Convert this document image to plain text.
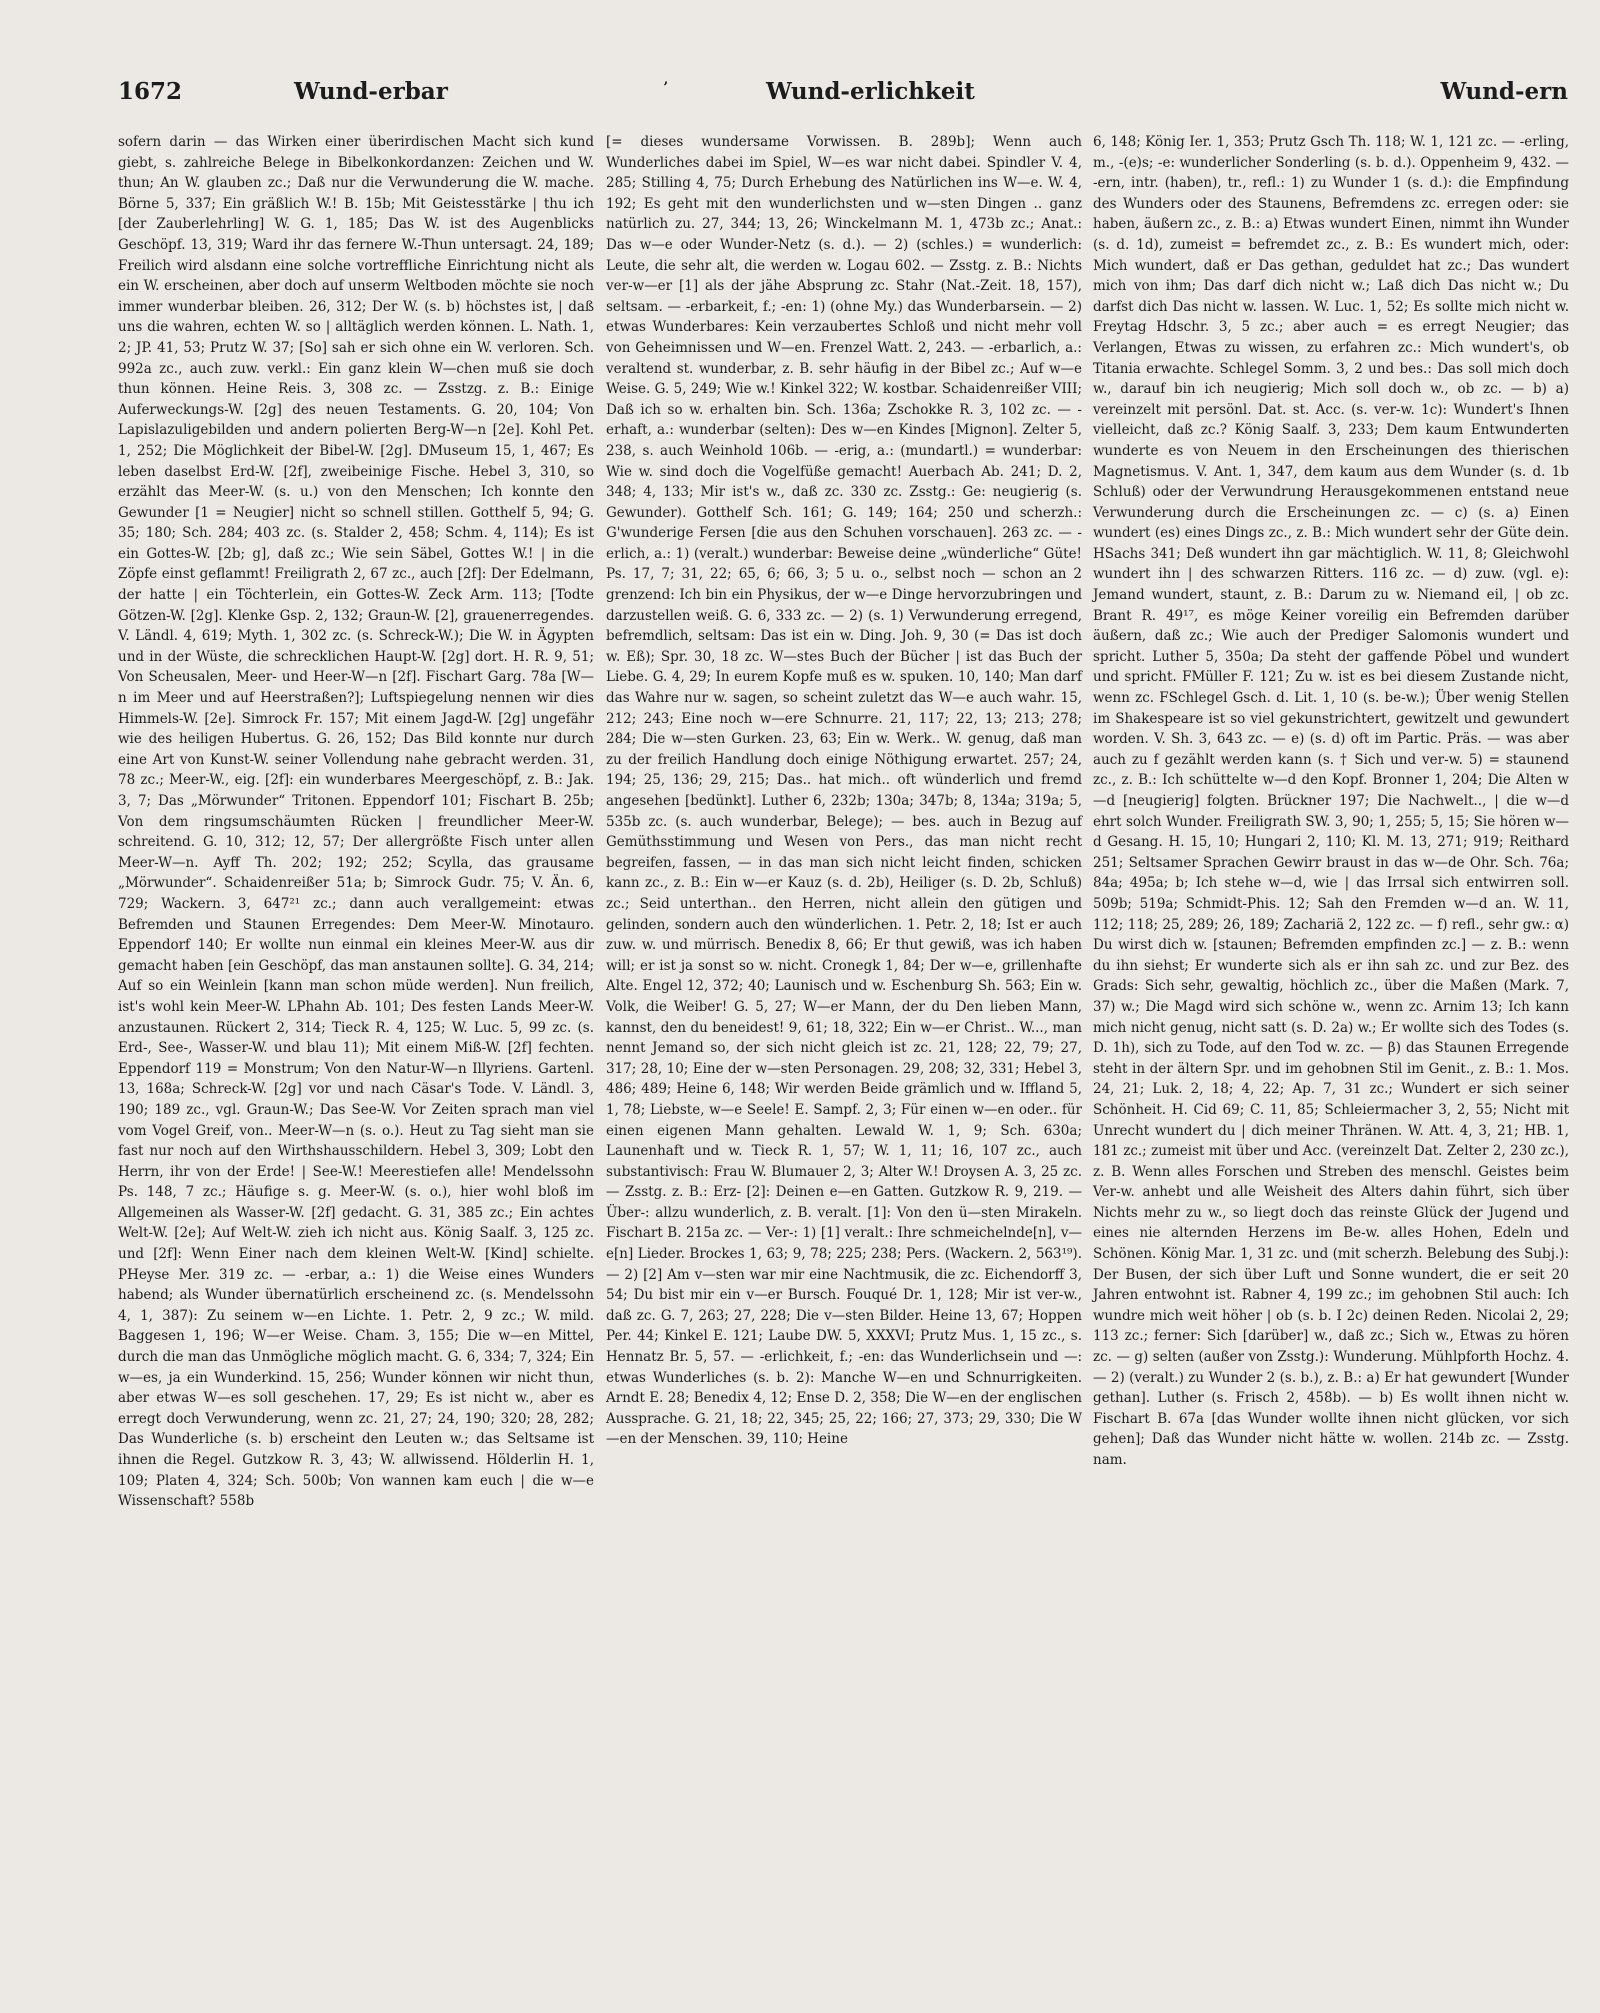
1672	Wund-erbar	ʼ	Wund-erlichkeit	Wund-ern

sofern darin — das Wirken einer überirdischen Macht sich kund giebt, s. zahlreiche Belege in Bibelkonkordanzen: Zeichen und W. thun; An W. glauben zc.; Daß nur die Verwunderung die W. mache. Börne 5, 337; Ein gräßlich W.! B. 15b; Mit Geistesstärke | thu ich [der Zauberlehrling] W. G. 1, 185; Das W. ist des Augenblicks Geschöpf. 13, 319; Ward ihr das fernere W.-Thun untersagt. 24, 189; Freilich wird alsdann eine solche vortreffliche Einrichtung nicht als ein W. erscheinen, aber doch auf unserm Weltboden möchte sie noch immer wunderbar bleiben. 26, 312; Der W. (s. b) höchstes ist, | daß uns die wahren, echten W. so | alltäglich werden können. L. Nath. 1, 2; JP. 41, 53; Prutz W. 37; [So] sah er sich ohne ein W. verloren. Sch. 992a zc., auch zuw. verkl.: Ein ganz klein W—chen muß sie doch thun können. Heine Reis. 3, 308 zc. — Zsstzg. z. B.: Einige Auferweckungs-W. [2g] des neuen Testaments. G. 20, 104; Von Lapislazuligebilden und andern polierten Berg-W—n [2e]. Kohl Pet. 1, 252; Die Möglichkeit der Bibel-W. [2g]. DMuseum 15, 1, 467; Es leben daselbst Erd-W. [2f], zweibeinige Fische. Hebel 3, 310, so erzählt das Meer-W. (s. u.) von den Menschen; Ich konnte den Gewunder [1 = Neugier] nicht so schnell stillen. Gotthelf 5, 94; G. 35; 180; Sch. 284; 403 zc. (s. Stalder 2, 458; Schm. 4, 114); Es ist ein Gottes-W. [2b; g], daß zc.; Wie sein Säbel, Gottes W.! | in die Zöpfe einst geflammt! Freiligrath 2, 67 zc., auch [2f]: Der Edelmann, der hatte | ein Töchterlein, ein Gottes-W. Zeck Arm. 113; [Todte Götzen-W. [2g]. Klenke Gsp. 2, 132; Graun-W. [2], grauenerregendes. V. Ländl. 4, 619; Myth. 1, 302 zc. (s. Schreck-W.); Die W. in Ägypten und in der Wüste, die schrecklichen Haupt-W. [2g] dort. H. R. 9, 51; Von Scheusalen, Meer- und Heer-W—n [2f]. Fischart Garg. 78a [W—n im Meer und auf Heerstraßen?]; Luftspiegelung nennen wir dies Himmels-W. [2e]. Simrock Fr. 157; Mit einem Jagd-W. [2g] ungefähr wie des heiligen Hubertus. G. 26, 152; Das Bild konnte nur durch eine Art von Kunst-W. seiner Vollendung nahe gebracht werden. 31, 78 zc.; Meer-W., eig. [2f]: ein wunderbares Meergeschöpf, z. B.: Jak. 3, 7; Das „Mörwunder“ Tritonen. Eppendorf 101; Fischart B. 25b; Von dem ringsumschäumten Rücken | freundlicher Meer-W. schreitend. G. 10, 312; 12, 57; Der allergrößte Fisch unter allen Meer-W—n. Ayff Th. 202; 192; 252; Scylla, das grausame „Mörwunder“. Schaidenreißer 51a; b; Simrock Gudr. 75; V. Än. 6, 729; Wackern. 3, 647²¹ zc.; dann auch verallgemeint: etwas Befremden und Staunen Erregendes: Dem Meer-W. Minotauro. Eppendorf 140; Er wollte nun einmal ein kleines Meer-W. aus dir gemacht haben [ein Geschöpf, das man anstaunen sollte]. G. 34, 214; Auf so ein Weinlein [kann man schon müde werden]. Nun freilich, ist's wohl kein Meer-W. LPhahn Ab. 101; Des festen Lands Meer-W. anzustaunen. Rückert 2, 314; Tieck R. 4, 125; W. Luc. 5, 99 zc. (s. Erd-, See-, Wasser-W. und blau 11); Mit einem Miß-W. [2f] fechten. Eppendorf 119 = Monstrum; Von den Natur-W—n Illyriens. Gartenl. 13, 168a; Schreck-W. [2g] vor und nach Cäsar's Tode. V. Ländl. 3, 190; 189 zc., vgl. Graun-W.; Das See-W. Vor Zeiten sprach man viel vom Vogel Greif, von.. Meer-W—n (s. o.). Heut zu Tag sieht man sie fast nur noch auf den Wirthshausschildern. Hebel 3, 309; Lobt den Herrn, ihr von der Erde! | See-W.! Meerestiefen alle! Mendelssohn Ps. 148, 7 zc.; Häufige s. g. Meer-W. (s. o.), hier wohl bloß im Allgemeinen als Wasser-W. [2f] gedacht. G. 31, 385 zc.; Ein achtes Welt-W. [2e]; Auf Welt-W. zieh ich nicht aus. König Saalf. 3, 125 zc. und [2f]: Wenn Einer nach dem kleinen Welt-W. [Kind] schielte. PHeyse Mer. 319 zc. — -erbar, a.: 1) die Weise eines Wunders habend; als Wunder übernatürlich erscheinend zc. (s. Mendelssohn 4, 1, 387): Zu seinem w—en Lichte. 1. Petr. 2, 9 zc.; W. mild. Baggesen 1, 196; W—er Weise. Cham. 3, 155; Die w—en Mittel, durch die man das Unmögliche möglich macht. G. 6, 334; 7, 324; Ein w—es, ja ein Wunderkind. 15, 256; Wunder können wir nicht thun, aber etwas W—es soll geschehen. 17, 29; Es ist nicht w., aber es erregt doch Verwunderung, wenn zc. 21, 27; 24, 190; 320; 28, 282; Das Wunderliche (s. b) erscheint den Leuten w.; das Seltsame ist ihnen die Regel. Gutzkow R. 3, 43; W. allwissend. Hölderlin H. 1, 109; Platen 4, 324; Sch. 500b; Von wannen kam euch | die w—e Wissenschaft? 558b

[= dieses wundersame Vorwissen. B. 289b]; Wenn auch Wunderliches dabei im Spiel, W—es war nicht dabei. Spindler V. 4, 285; Stilling 4, 75; Durch Erhebung des Natürlichen ins W—e. W. 4, 192; Es geht mit den wunderlichsten und w—sten Dingen .. ganz natürlich zu. 27, 344; 13, 26; Winckelmann M. 1, 473b zc.; Anat.: Das w—e oder Wunder-Netz (s. d.). — 2) (schles.) = wunderlich: Leute, die sehr alt, die werden w. Logau 602. — Zsstg. z. B.: Nichts ver-w—er [1] als der jähe Absprung zc. Stahr (Nat.-Zeit. 18, 157), seltsam. — -erbarkeit, f.; -en: 1) (ohne My.) das Wunderbarsein. — 2) etwas Wunderbares: Kein verzaubertes Schloß und nicht mehr voll von Geheimnissen und W—en. Frenzel Watt. 2, 243. — -erbarlich, a.: veraltend st. wunderbar, z. B. sehr häufig in der Bibel zc.; Auf w—e Weise. G. 5, 249; Wie w.! Kinkel 322; W. kostbar. Schaidenreißer VIII; Daß ich so w. erhalten bin. Sch. 136a; Zschokke R. 3, 102 zc. — -erhaft, a.: wunderbar (selten): Des w—en Kindes [Mignon]. Zelter 5, 238, s. auch Weinhold 106b. — -erig, a.: (mundartl.) = wunderbar: Wie w. sind doch die Vogelfüße gemacht! Auerbach Ab. 241; D. 2, 348; 4, 133; Mir ist's w., daß zc. 330 zc. Zsstg.: Ge: neugierig (s. Gewunder). Gotthelf Sch. 161; G. 149; 164; 250 und scherzh.: G'wunderige Fersen [die aus den Schuhen vorschauen]. 263 zc. — -erlich, a.: 1) (veralt.) wunderbar: Beweise deine „wünderliche“ Güte! Ps. 17, 7; 31, 22; 65, 6; 66, 3; 5 u. o., selbst noch — schon an 2 grenzend: Ich bin ein Physikus, der w—e Dinge hervorzubringen und darzustellen weiß. G. 6, 333 zc. — 2) (s. 1) Verwunderung erregend, befremdlich, seltsam: Das ist ein w. Ding. Joh. 9, 30 (= Das ist doch w. Eß); Spr. 30, 18 zc. W—stes Buch der Bücher | ist das Buch der Liebe. G. 4, 29; In eurem Kopfe muß es w. spuken. 10, 140; Man darf das Wahre nur w. sagen, so scheint zuletzt das W—e auch wahr. 15, 212; 243; Eine noch w—ere Schnurre. 21, 117; 22, 13; 213; 278; 284; Die w—sten Gurken. 23, 63; Ein w. Werk.. W. genug, daß man zu der freilich Handlung doch einige Nöthigung erwartet. 257; 24, 194; 25, 136; 29, 215; Das.. hat mich.. oft wünderlich und fremd angesehen [bedünkt]. Luther 6, 232b; 130a; 347b; 8, 134a; 319a; 5, 535b zc. (s. auch wunderbar, Belege); — bes. auch in Bezug auf Gemüthsstimmung und Wesen von Pers., das man nicht recht begreifen, fassen, — in das man sich nicht leicht finden, schicken kann zc., z. B.: Ein w—er Kauz (s. d. 2b), Heiliger (s. D. 2b, Schluß) zc.; Seid unterthan.. den Herren, nicht allein den gütigen und gelinden, sondern auch den wünderlichen. 1. Petr. 2, 18; Ist er auch zuw. w. und mürrisch. Benedix 8, 66; Er thut gewiß, was ich haben will; er ist ja sonst so w. nicht. Cronegk 1, 84; Der w—e, grillenhafte Alte. Engel 12, 372; 40; Launisch und w. Eschenburg Sh. 563; Ein w. Volk, die Weiber! G. 5, 27; W—er Mann, der du Den lieben Mann, kannst, den du beneidest! 9, 61; 18, 322; Ein w—er Christ.. W..., man nennt Jemand so, der sich nicht gleich ist zc. 21, 128; 22, 79; 27, 317; 28, 10; Eine der w—sten Personagen. 29, 208; 32, 331; Hebel 3, 486; 489; Heine 6, 148; Wir werden Beide grämlich und w. Iffland 5, 1, 78; Liebste, w—e Seele! E. Sampf. 2, 3; Für einen w—en oder.. für einen eigenen Mann gehalten. Lewald W. 1, 9; Sch. 630a; Launenhaft und w. Tieck R. 1, 57; W. 1, 11; 16, 107 zc., auch substantivisch: Frau W. Blumauer 2, 3; Alter W.! Droysen A. 3, 25 zc. — Zsstg. z. B.: Erz- [2]: Deinen e—en Gatten. Gutzkow R. 9, 219. — Über-: allzu wunderlich, z. B. veralt. [1]: Von den ü—sten Mirakeln. Fischart B. 215a zc. — Ver-: 1) [1] veralt.: Ihre schmeichelnde[n], v—e[n] Lieder. Brockes 1, 63; 9, 78; 225; 238; Pers. (Wackern. 2, 563¹⁹). — 2) [2] Am v—sten war mir eine Nachtmusik, die zc. Eichendorff 3, 54; Du bist mir ein v—er Bursch. Fouqué Dr. 1, 128; Mir ist ver-w., daß zc. G. 7, 263; 27, 228; Die v—sten Bilder. Heine 13, 67; Hoppen Per. 44; Kinkel E. 121; Laube DW. 5, XXXVI; Prutz Mus. 1, 15 zc., s. Hennatz Br. 5, 57. — -erlichkeit, f.; -en: das Wunderlichsein und —: etwas Wunderliches (s. b. 2): Manche W—en und Schnurrigkeiten. Arndt E. 28; Benedix 4, 12; Ense D. 2, 358; Die W—en der englischen Aussprache. G. 21, 18; 22, 345; 25, 22; 166; 27, 373; 29, 330; Die W—en der Menschen. 39, 110; Heine

6, 148; König Ier. 1, 353; Prutz Gsch Th. 118; W. 1, 121 zc. — -erling, m., -(e)s; -e: wunderlicher Sonderling (s. b. d.). Oppenheim 9, 432. — -ern, intr. (haben), tr., refl.: 1) zu Wunder 1 (s. d.): die Empfindung des Wunders oder des Staunens, Befremdens zc. erregen oder: sie haben, äußern zc., z. B.: a) Etwas wundert Einen, nimmt ihn Wunder (s. d. 1d), zumeist = befremdet zc., z. B.: Es wundert mich, oder: Mich wundert, daß er Das gethan, geduldet hat zc.; Das wundert mich von ihm; Das darf dich nicht w.; Laß dich Das nicht w.; Du darfst dich Das nicht w. lassen. W. Luc. 1, 52; Es sollte mich nicht w. Freytag Hdschr. 3, 5 zc.; aber auch = es erregt Neugier; das Verlangen, Etwas zu wissen, zu erfahren zc.: Mich wundert's, ob Titania erwachte. Schlegel Somm. 3, 2 und bes.: Das soll mich doch w., darauf bin ich neugierig; Mich soll doch w., ob zc. — b) a) vereinzelt mit persönl. Dat. st. Acc. (s. ver-w. 1c): Wundert's Ihnen vielleicht, daß zc.? König Saalf. 3, 233; Dem kaum Entwunderten wunderte es von Neuem in den Erscheinungen des thierischen Magnetismus. V. Ant. 1, 347, dem kaum aus dem Wunder (s. d. 1b Schluß) oder der Verwundrung Herausgekommenen entstand neue Verwunderung durch die Erscheinungen zc. — c) (s. a) Einen wundert (es) eines Dings zc., z. B.: Mich wundert sehr der Güte dein. HSachs 341; Deß wundert ihn gar mächtiglich. W. 11, 8; Gleichwohl wundert ihn | des schwarzen Ritters. 116 zc. — d) zuw. (vgl. e): Jemand wundert, staunt, z. B.: Darum zu w. Niemand eil, | ob zc. Brant R. 49¹⁷, es möge Keiner voreilig ein Befremden darüber äußern, daß zc.; Wie auch der Prediger Salomonis wundert und spricht. Luther 5, 350a; Da steht der gaffende Pöbel und wundert und spricht. FMüller F. 121; Zu w. ist es bei diesem Zustande nicht, wenn zc. FSchlegel Gsch. d. Lit. 1, 10 (s. be-w.); Über wenig Stellen im Shakespeare ist so viel gekunstrichtert, gewitzelt und gewundert worden. V. Sh. 3, 643 zc. — e) (s. d) oft im Partic. Präs. — was aber auch zu f gezählt werden kann (s. † Sich und ver-w. 5) = staunend zc., z. B.: Ich schüttelte w—d den Kopf. Bronner 1, 204; Die Alten w—d [neugierig] folgten. Brückner 197; Die Nachwelt.., | die w—d ehrt solch Wunder. Freiligrath SW. 3, 90; 1, 255; 5, 15; Sie hören w—d Gesang. H. 15, 10; Hungari 2, 110; Kl. M. 13, 271; 919; Reithard 251; Seltsamer Sprachen Gewirr braust in das w—de Ohr. Sch. 76a; 84a; 495a; b; Ich stehe w—d, wie | das Irrsal sich entwirren soll. 509b; 519a; Schmidt-Phis. 12; Sah den Fremden w—d an. W. 11, 112; 118; 25, 289; 26, 189; Zachariä 2, 122 zc. — f) refl., sehr gw.: α) Du wirst dich w. [staunen; Befremden empfinden zc.] — z. B.: wenn du ihn siehst; Er wunderte sich als er ihn sah zc. und zur Bez. des Grads: Sich sehr, gewaltig, höchlich zc., über die Maßen (Mark. 7, 37) w.; Die Magd wird sich schöne w., wenn zc. Arnim 13; Ich kann mich nicht genug, nicht satt (s. D. 2a) w.; Er wollte sich des Todes (s. D. 1h), sich zu Tode, auf den Tod w. zc. — β) das Staunen Erregende steht in der ältern Spr. und im gehobnen Stil im Genit., z. B.: 1. Mos. 24, 21; Luk. 2, 18; 4, 22; Ap. 7, 31 zc.; Wundert er sich seiner Schönheit. H. Cid 69; C. 11, 85; Schleiermacher 3, 2, 55; Nicht mit Unrecht wundert du | dich meiner Thränen. W. Att. 4, 3, 21; HB. 1, 181 zc.; zumeist mit über und Acc. (vereinzelt Dat. Zelter 2, 230 zc.), z. B. Wenn alles Forschen und Streben des menschl. Geistes beim Ver-w. anhebt und alle Weisheit des Alters dahin führt, sich über Nichts mehr zu w., so liegt doch das reinste Glück der Jugend und eines nie alternden Herzens im Be-w. alles Hohen, Edeln und Schönen. König Mar. 1, 31 zc. und (mit scherzh. Belebung des Subj.): Der Busen, der sich über Luft und Sonne wundert, die er seit 20 Jahren entwohnt ist. Rabner 4, 199 zc.; im gehobnen Stil auch: Ich wundre mich weit höher | ob (s. b. I 2c) deinen Reden. Nicolai 2, 29; 113 zc.; ferner: Sich [darüber] w., daß zc.; Sich w., Etwas zu hören zc. — g) selten (außer von Zsstg.): Wunderung. Mühlpforth Hochz. 4. — 2) (veralt.) zu Wunder 2 (s. b.), z. B.: a) Er hat gewundert [Wunder gethan]. Luther (s. Frisch 2, 458b). — b) Es wollt ihnen nicht w. Fischart B. 67a [das Wunder wollte ihnen nicht glücken, vor sich gehen]; Daß das Wunder nicht hätte w. wollen. 214b zc. — Zsstg. nam.
